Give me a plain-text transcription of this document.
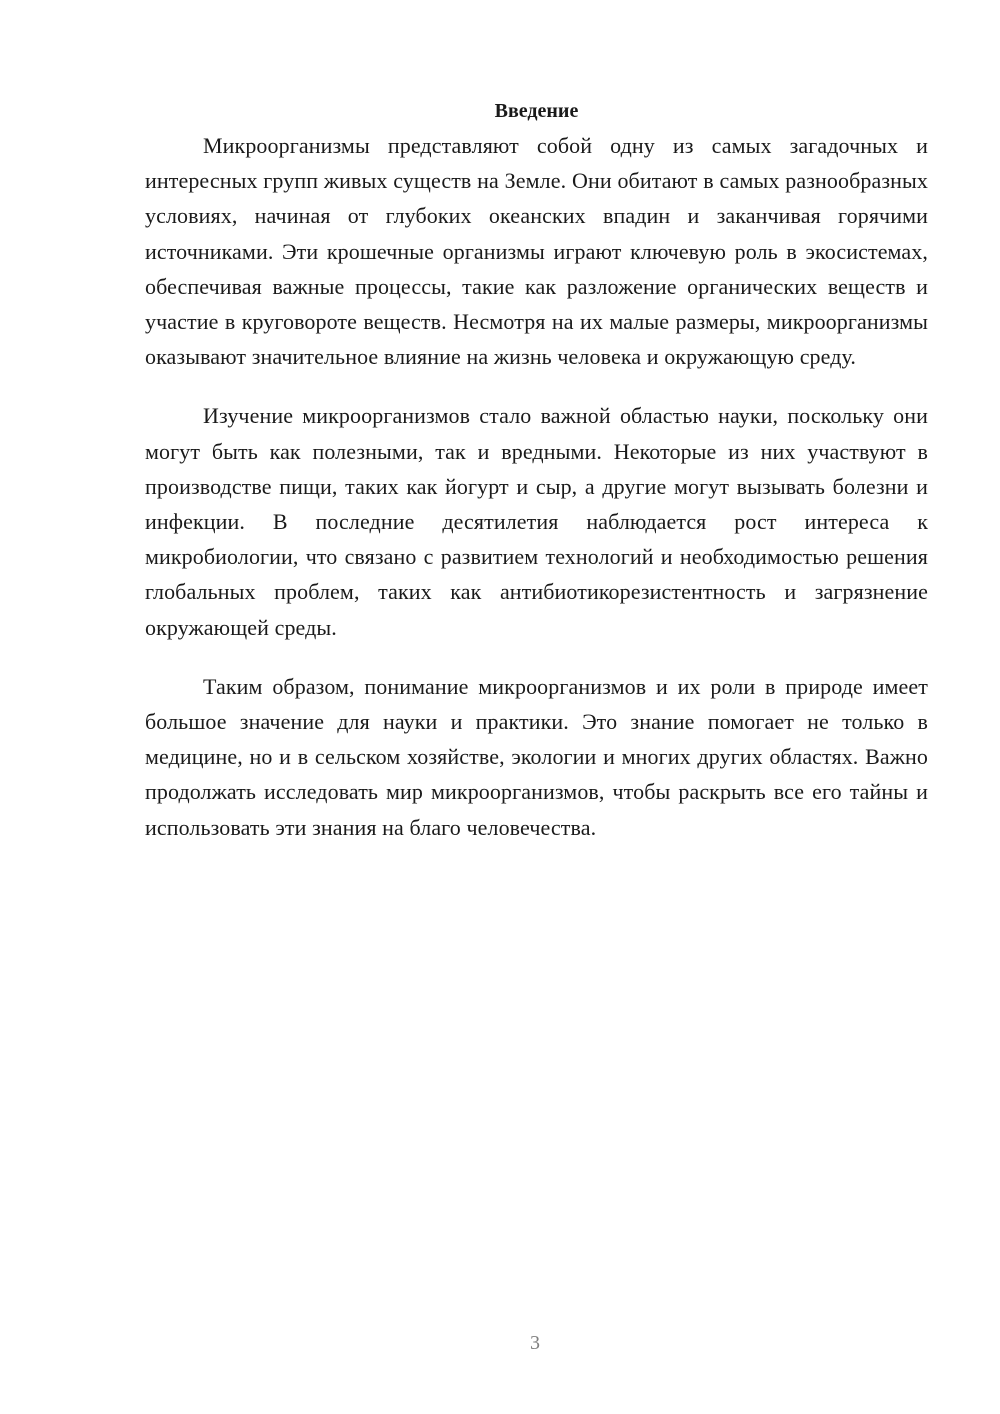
Введение

Микроорганизмы представляют собой одну из самых загадочных и интересных групп живых существ на Земле. Они обитают в самых разнообразных условиях, начиная от глубоких океанских впадин и заканчивая горячими источниками. Эти крошечные организмы играют ключевую роль в экосистемах, обеспечивая важные процессы, такие как разложение органических веществ и участие в круговороте веществ. Несмотря на их малые размеры, микроорганизмы оказывают значительное влияние на жизнь человека и окружающую среду.

Изучение микроорганизмов стало важной областью науки, поскольку они могут быть как полезными, так и вредными. Некоторые из них участвуют в производстве пищи, таких как йогурт и сыр, а другие могут вызывать болезни и инфекции. В последние десятилетия наблюдается рост интереса к микробиологии, что связано с развитием технологий и необходимостью решения глобальных проблем, таких как антибиотикорезистентность и загрязнение окружающей среды.

Таким образом, понимание микроорганизмов и их роли в природе имеет большое значение для науки и практики. Это знание помогает не только в медицине, но и в сельском хозяйстве, экологии и многих других областях. Важно продолжать исследовать мир микроорганизмов, чтобы раскрыть все его тайны и использовать эти знания на благо человечества.

3
